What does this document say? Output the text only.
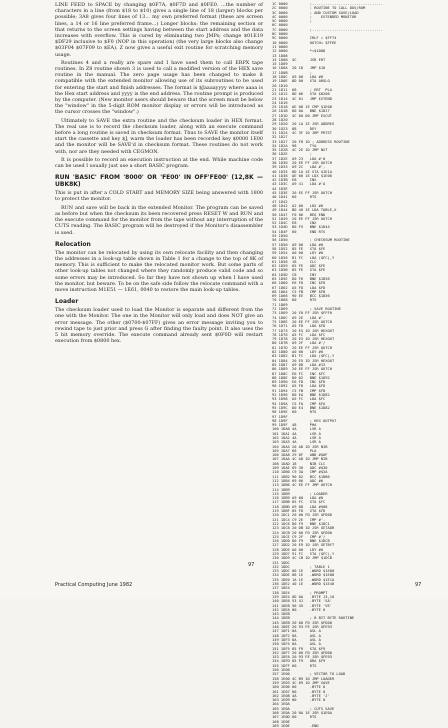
LINE FEED to SPACE by changing $0F7A, $0F7D and $0FE0. ...the number of characters in a line (from $18 to $10) gives a single line of 18 (larger) blocks per possible; 3A8 gives four lines of 13... my own preferred format (these are screen lines, a 14 or 16 line preferred frame...) Longer blocks: the remaining section or that returns to the screen settings having between the start address and the data increases with overflow. This is cured by eliminating two JMPs; change $01E19 $DF29 inclusive to $F0 (NOP in this operation) (the very large blocks also change $03F04 $07F09 to $EA). Z now gives a useful exit routine for scratching memory usage.

Routines 4 and a really are spare and I have used them to call ERPX tape routines. In Z8 routine shown 3 is used to call a modified version of the HEX save routine in the manual. The zero page usage has been changed to make it compatible with the extended monitor allowing use of its subroutines to be used for entering the start and finish addresses. The format is $Jaaaayyyy where aaaa is the Hex start address and yyyy is the end address. The routine prompt is produced by the computer. (New monitor users should beware that the screen must be below the "window" in the 5-digit ROM monitor display or errors will be introduced as the cursor crosses the "window".)

Ultimately to SAVE the extra routine and the checksum loader in HEX format. The real use is to record the checksum loader, along with an execute command before a long routine is saved in checksum format. Thus to SAVE the monitor itself start the cassette and key $J, warm the loader has been recorded key $0000 1E00 and the monitor will be SAVE'd in checksum format. These routines do not work with, nor are they needed with CEGMON.

It is possible to record an execution instruction at the end. While machine code can be used I usually just use a short BASIC program.

RUN 'BASIC' FROM '8000' OR 'FE00' IN OFF'FE00' (12,8K — UBK8K)

This is put in after a COLD START and MEMORY SIZE being answered with 1800 to protect the monitor.

RUN and save will be back in the extended Monitor. The program can be saved as before but when the checksum its been recovered press RESET W and RUN and the execute command for the monitor from the tape without any interruption of the CUTS reading. The BASIC program will be destroyed if the Monitor's disassembler is used.

Relocation

The monitor can be relocated by using its own relocate facility and then changing the addresses in a look-up table shown in Table 1 for a change to the top of 8K of memory. This is sufficient to make the relocated monitor work. But some parts of other look-up tables not changed where they randomly produce valid code and so some errors may be introduced. So far they have not shown up when I have used the monitor, but beware. To be on the safe side follow the relocate command with a move instruction M1E51 — 1E61, 0040 to restore the main look-up tables.

Loader

The checksum loader used to load the Monitor is separate and different from the one with the Monitor. The one in the Monitor will only load and does NOT give an error message. The other ($0700-$07FF) gives an error message inviting you to rewind tape to just prior and press G after finding the faulty point. It also uses the 5 bit memory override. The execute command already sent $0F0D will restart execution from $0800 hex.

97
1C 0000          ;................................
2C 0000          ; ROUTINE TO CALL DOS/ROM
3C 0000          ; AND CUSTOM SAVE/LOAD
4C 0000          ;    EXTENDED MONITOR
5C 0000          ;
6C 0000
7C 0000          ;................................
8C 0000
9C 0000          CRLF = $FF74
10 0000          OUTCH= $FFEE
11 0000
12 0000          *=$1D08
13 1D08
14 1D08  4C      JSR ERT
15 1D09
16 1D0A  20 1D   JMP $1D
17 1D0B          ;
18 1D0C  A9 00   LDA #0
19 1D0E  8D 00   STA ARGLO
20 1D10
21 1D11  68      ; ERT  PLA
22 1D12  8D 06   STA $0206
23 1D14  4C 01   JMP EXTEND
24 1D16
25 1D18  AE 08 1E CMP $1E08
26 1D1B  D0 0A   BNE $1D27
27 1D1D  4C 00 00 JMP EXCUT
28 1D20
29 1D20  20 1A 1E JSR ADDRES
30 1D23  88      DEY
31 1D24  4C 3F 1D JMP PRTST
32 1D27
33 1D27  20 F8 1D ; ADDRESS ROUTINE
34 1D2A  98      TYA
35 1D2B  4C 2E 1D JMP NXT
36 1D2E          ;
37 1D2E  A9 23   LDA #'#
38 1D30  20 EE FF JSR OUTCH
39 1D33  A9 2C   LDA #',
40 1D35  8D 1A 1E STA $1E1A
41 1D38  AE 06 1E LDX $1E06
42 1D3B  E8      INX
43 1D3C  A9 41   LDA #'A
44 1D3E
45 1D3E  20 EE FF JSR OUTCH
46 1D41  60      RTS
47 1D42
48 1D42  A2 00   LDX #0
49 1D44  BD 40 1E LDA TABLE,X
50 1D47  F0 06   BEQ END
51 1D49  20 EE FF JSR OUTCH
52 1D4C  E8      INX
53 1D4D  D0 F5   BNE $1D44
54 1D4F  60      END RTS
55 1D50
56 1D50          ; CHECKSUM ROUTINE
57 1D50  A9 00   LDA #0
58 1D52  85 FE   STA $FE
59 1D54  A0 00   LDY #0
60 1D56  B1 FC   LDA ($FC),Y
61 1D58  18      CLC
62 1D59  65 FE   ADC $FE
63 1D5B  85 FE   STA $FE
64 1D5D  C8      INY
65 1D5E  D0 F6   BNE $1D56
66 1D60  E6 FD   INC $FD
67 1D62  A5 FD   LDA $FD
68 1D64  C5 FB   CMP $FB
69 1D66  90 EE   BCC $1D56
70 1D68  60      RTS
71 1D69
72 1D69          ; SAVE ROUTINE
73 1D69  20 F0 FF JSR $FFF0
74 1D6C  A9 2E   LDA #'.
75 1D6E  20 EE FF JSR OUTCH
76 1D71  A5 FD   LDA $FD
77 1D73  20 E5 1D JSR HEXOUT
78 1D76  A5 FC   LDA $FC
79 1D78  20 E5 1D JSR HEXOUT
80 1D7B  A9 2F   LDA #'/
81 1D7D  20 EE FF JSR OUTCH
82 1D80  A0 00   LDY #0
83 1D82  B1 FC   LDA ($FC),Y
84 1D84  20 E5 1D JSR HEXOUT
85 1D87  A9 0D   LDA #13
86 1D89  20 EE FF JSR OUTCH
87 1D8C  E6 FC   INC $FC
88 1D8E  D0 02   BNE $1D92
89 1D90  E6 FD   INC $FD
90 1D92  A5 FD   LDA $FD
91 1D94  C5 FB   CMP $FB
92 1D96  D0 EA   BNE $1D82
93 1D98  A5 FC   LDA $FC
94 1D9A  C5 FA   CMP $FA
95 1D9C  D0 E4   BNE $1D82
96 1D9E  60      RTS
97 1D9F
98 1D9F          ; HEX OUTPUT
99 1D9F  48      PHA
100 1DA0 4A      LSR A
101 1DA1 4A      LSR A
102 1DA2 4A      LSR A
103 1DA3 4A      LSR A
104 1DA4 20 AD 1D JSR NIB
105 1DA7 68      PLA
106 1DA8 29 0F   AND #$0F
107 1DAA 4C AD 1D JMP NIB
108 1DAD 18      NIB CLC
109 1DAE 69 30   ADC #$30
110 1DB0 C9 3A   CMP #$3A
111 1DB2 90 02   BCC $1DB6
112 1DB4 69 06   ADC #6
113 1DB6 4C EE FF JMP OUTCH
114 1DB9
115 1DB9         ; LOADER
116 1DB9 A9 00   LDA #0
117 1DBB 85 FC   STA $FC
118 1DBD A9 08   LDA #$08
119 1DBF 85 FD   STA $FD
120 1DC1 20 00 FD JSR $FD00
121 1DC4 C9 2E   CMP #'.
122 1DC6 D0 F9   BNE $1DC1
123 1DC8 20 DB 1D JSR GETADR
124 1DCB 20 00 FD JSR $FD00
125 1DCE C9 2F   CMP #'/
126 1DD0 D0 F9   BNE $1DCB
127 1DD2 20 E9 1D JSR GETBYT
128 1DD5 A0 00   LDY #0
129 1DD7 91 FC   STA ($FC),Y
130 1DD9 4C CB 1D JMP $1DCB
131 1DDC
132 1DDC         ; TABLE 1
133 1DDC 00 1E   .WORD $1E00
134 1DDE 08 1E   .WORD $1E08
135 1DE0 1A 1E   .WORD $1E1A
136 1DE2 40 1E   .WORD $1E40
137 1DE4
138 1DE4         ; PROMPT
139 1DE4 0D 0A   .BYTE 13,10
140 1DE6 53 41   .BYTE 'SA'
141 1DE8 56 45   .BYTE 'VE'
142 1DEA 00      .BYTE 0
143 1DEB
144 1DEB         ; 8 BIT BYTE ROUTINE
145 1DEB 20 00 FD JSR $FD00
146 1DEE 20 93 FE JSR $FE93
147 1DF1 0A      ASL A
148 1DF2 0A      ASL A
149 1DF3 0A      ASL A
150 1DF4 0A      ASL A
151 1DF5 85 F9   STA $F9
152 1DF7 20 00 FD JSR $FD00
153 1DFA 20 93 FE JSR $FE93
154 1DFD 05 F9   ORA $F9
155 1DFF 60      RTS
156 1E00
157 1E00         ; VECTOR TO LOAD
158 1E00 4C B9 1D JMP LOADER
159 1E03 4C 69 1D JMP SAVE
160 1E06 00      .BYTE 0
161 1E07 00      .BYTE 0
162 1E08 4A      .BYTE 'J'
163 1E09 00      .BYTE 0
164 1E0A
165 1E0A         ; CUTS SAVE
166 1E0A 20 0A 1E JSR $1E0A
167 1E0D 60      RTS
168 1E0E
169 1E0E         .END
Practical Computing June 1982	97
